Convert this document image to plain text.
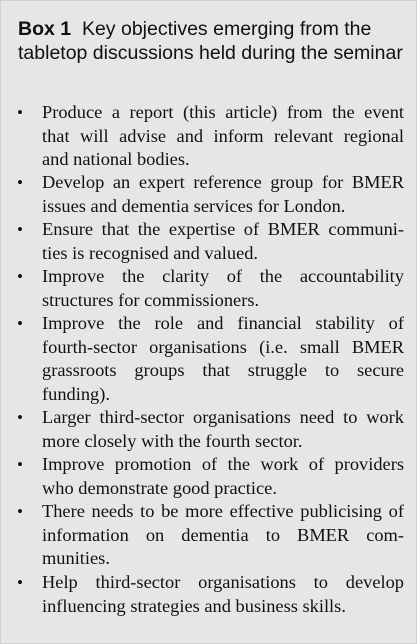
Box 1 Key objectives emerging from the tabletop discussions held during the seminar

• Produce a report (this article) from the event
that will advise and inform relevant regional
and national bodies.
• Develop an expert reference group for BMER
issues and dementia services for London.
• Ensure that the expertise of BMER communi-
ties is recognised and valued.
• Improve the clarity of the accountability
structures for commissioners.
• Improve the role and financial stability of
fourth-sector organisations (i.e. small BMER
grassroots groups that struggle to secure
funding).
• Larger third-sector organisations need to work
more closely with the fourth sector.
• Improve promotion of the work of providers
who demonstrate good practice.
• There needs to be more effective publicising of
information on dementia to BMER com-
munities.
• Help third-sector organisations to develop
influencing strategies and business skills.
